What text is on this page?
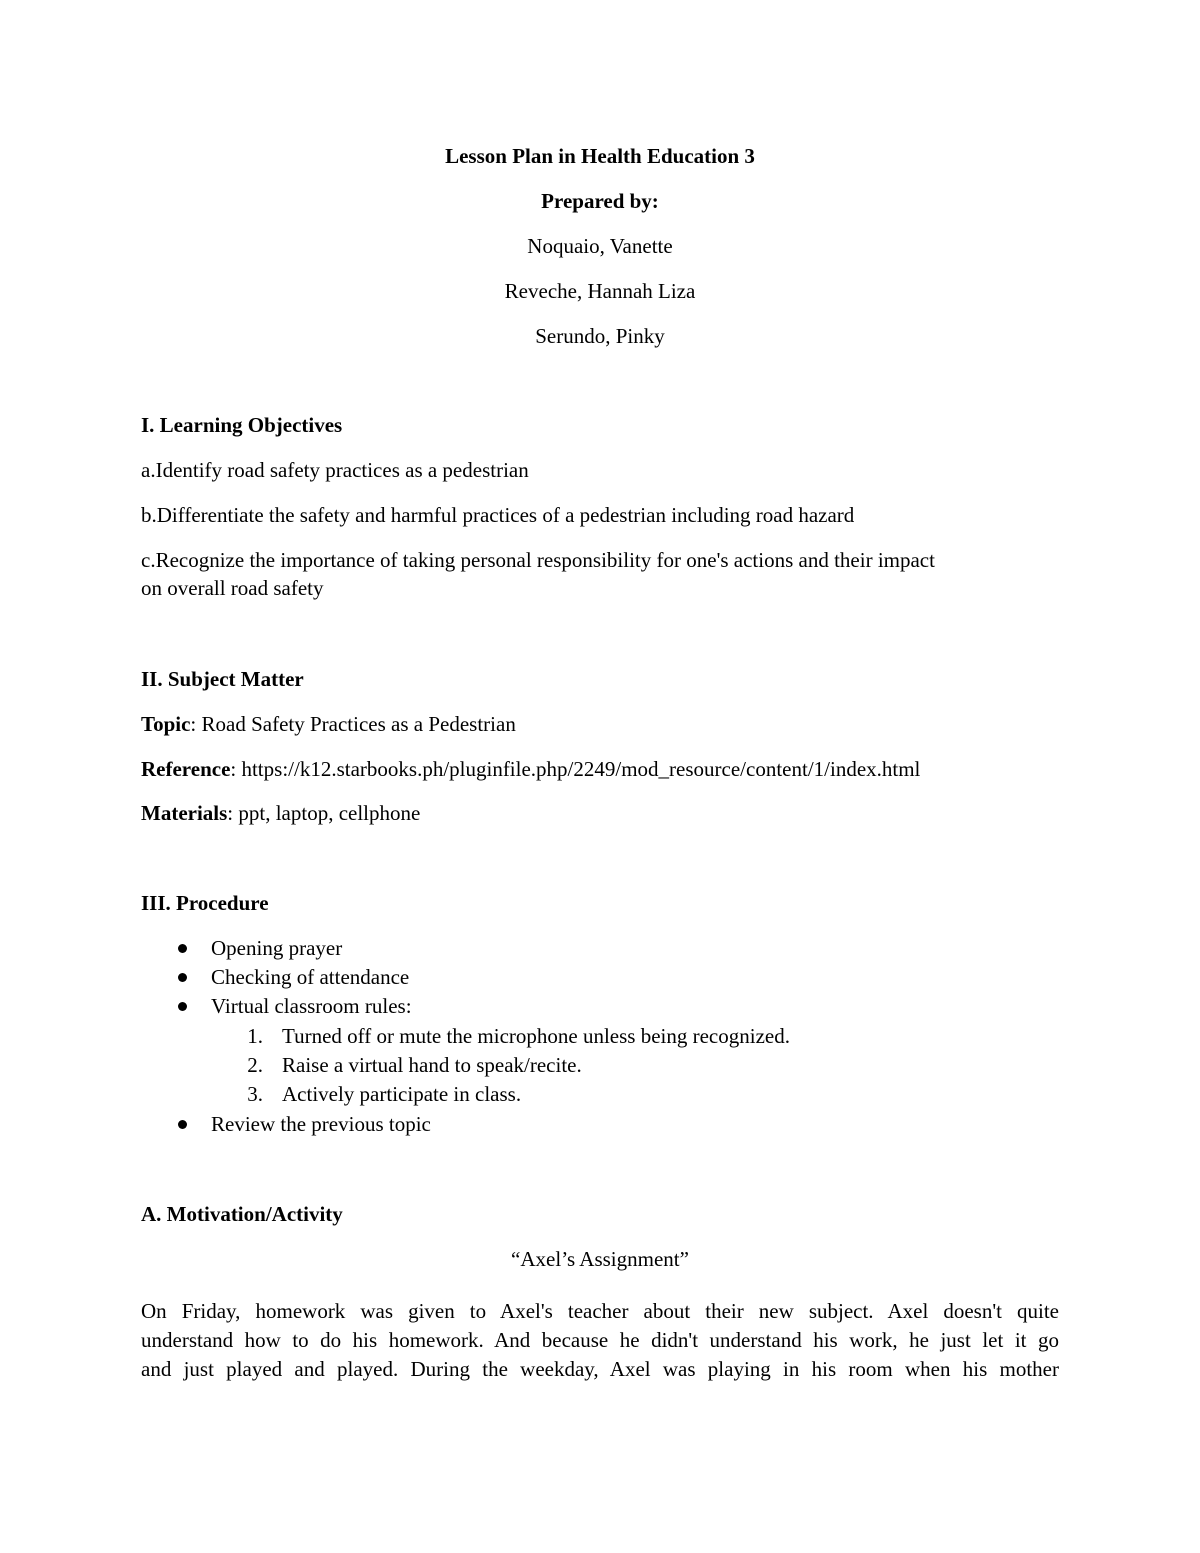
Lesson Plan in Health Education 3
Prepared by:
Noquaio, Vanette
Reveche, Hannah Liza
Serundo, Pinky
I. Learning Objectives
a.Identify road safety practices as a pedestrian
b.Differentiate the safety and harmful practices of a pedestrian including road hazard
c.Recognize the importance of taking personal responsibility for one's actions and their impact
on overall road safety
II. Subject Matter
Topic: Road Safety Practices as a Pedestrian
Reference: https://k12.starbooks.ph/pluginfile.php/2249/mod_resource/content/1/index.html
Materials: ppt, laptop, cellphone
III. Procedure
Opening prayer
Checking of attendance
Virtual classroom rules:
1. Turned off or mute the microphone unless being recognized.
2. Raise a virtual hand to speak/recite.
3. Actively participate in class.
Review the previous topic
A. Motivation/Activity
“Axel’s Assignment”
On Friday, homework was given to Axel's teacher about their new subject. Axel doesn't quite
understand how to do his homework. And because he didn't understand his work, he just let it go
and just played and played. During the weekday, Axel was playing in his room when his mother
